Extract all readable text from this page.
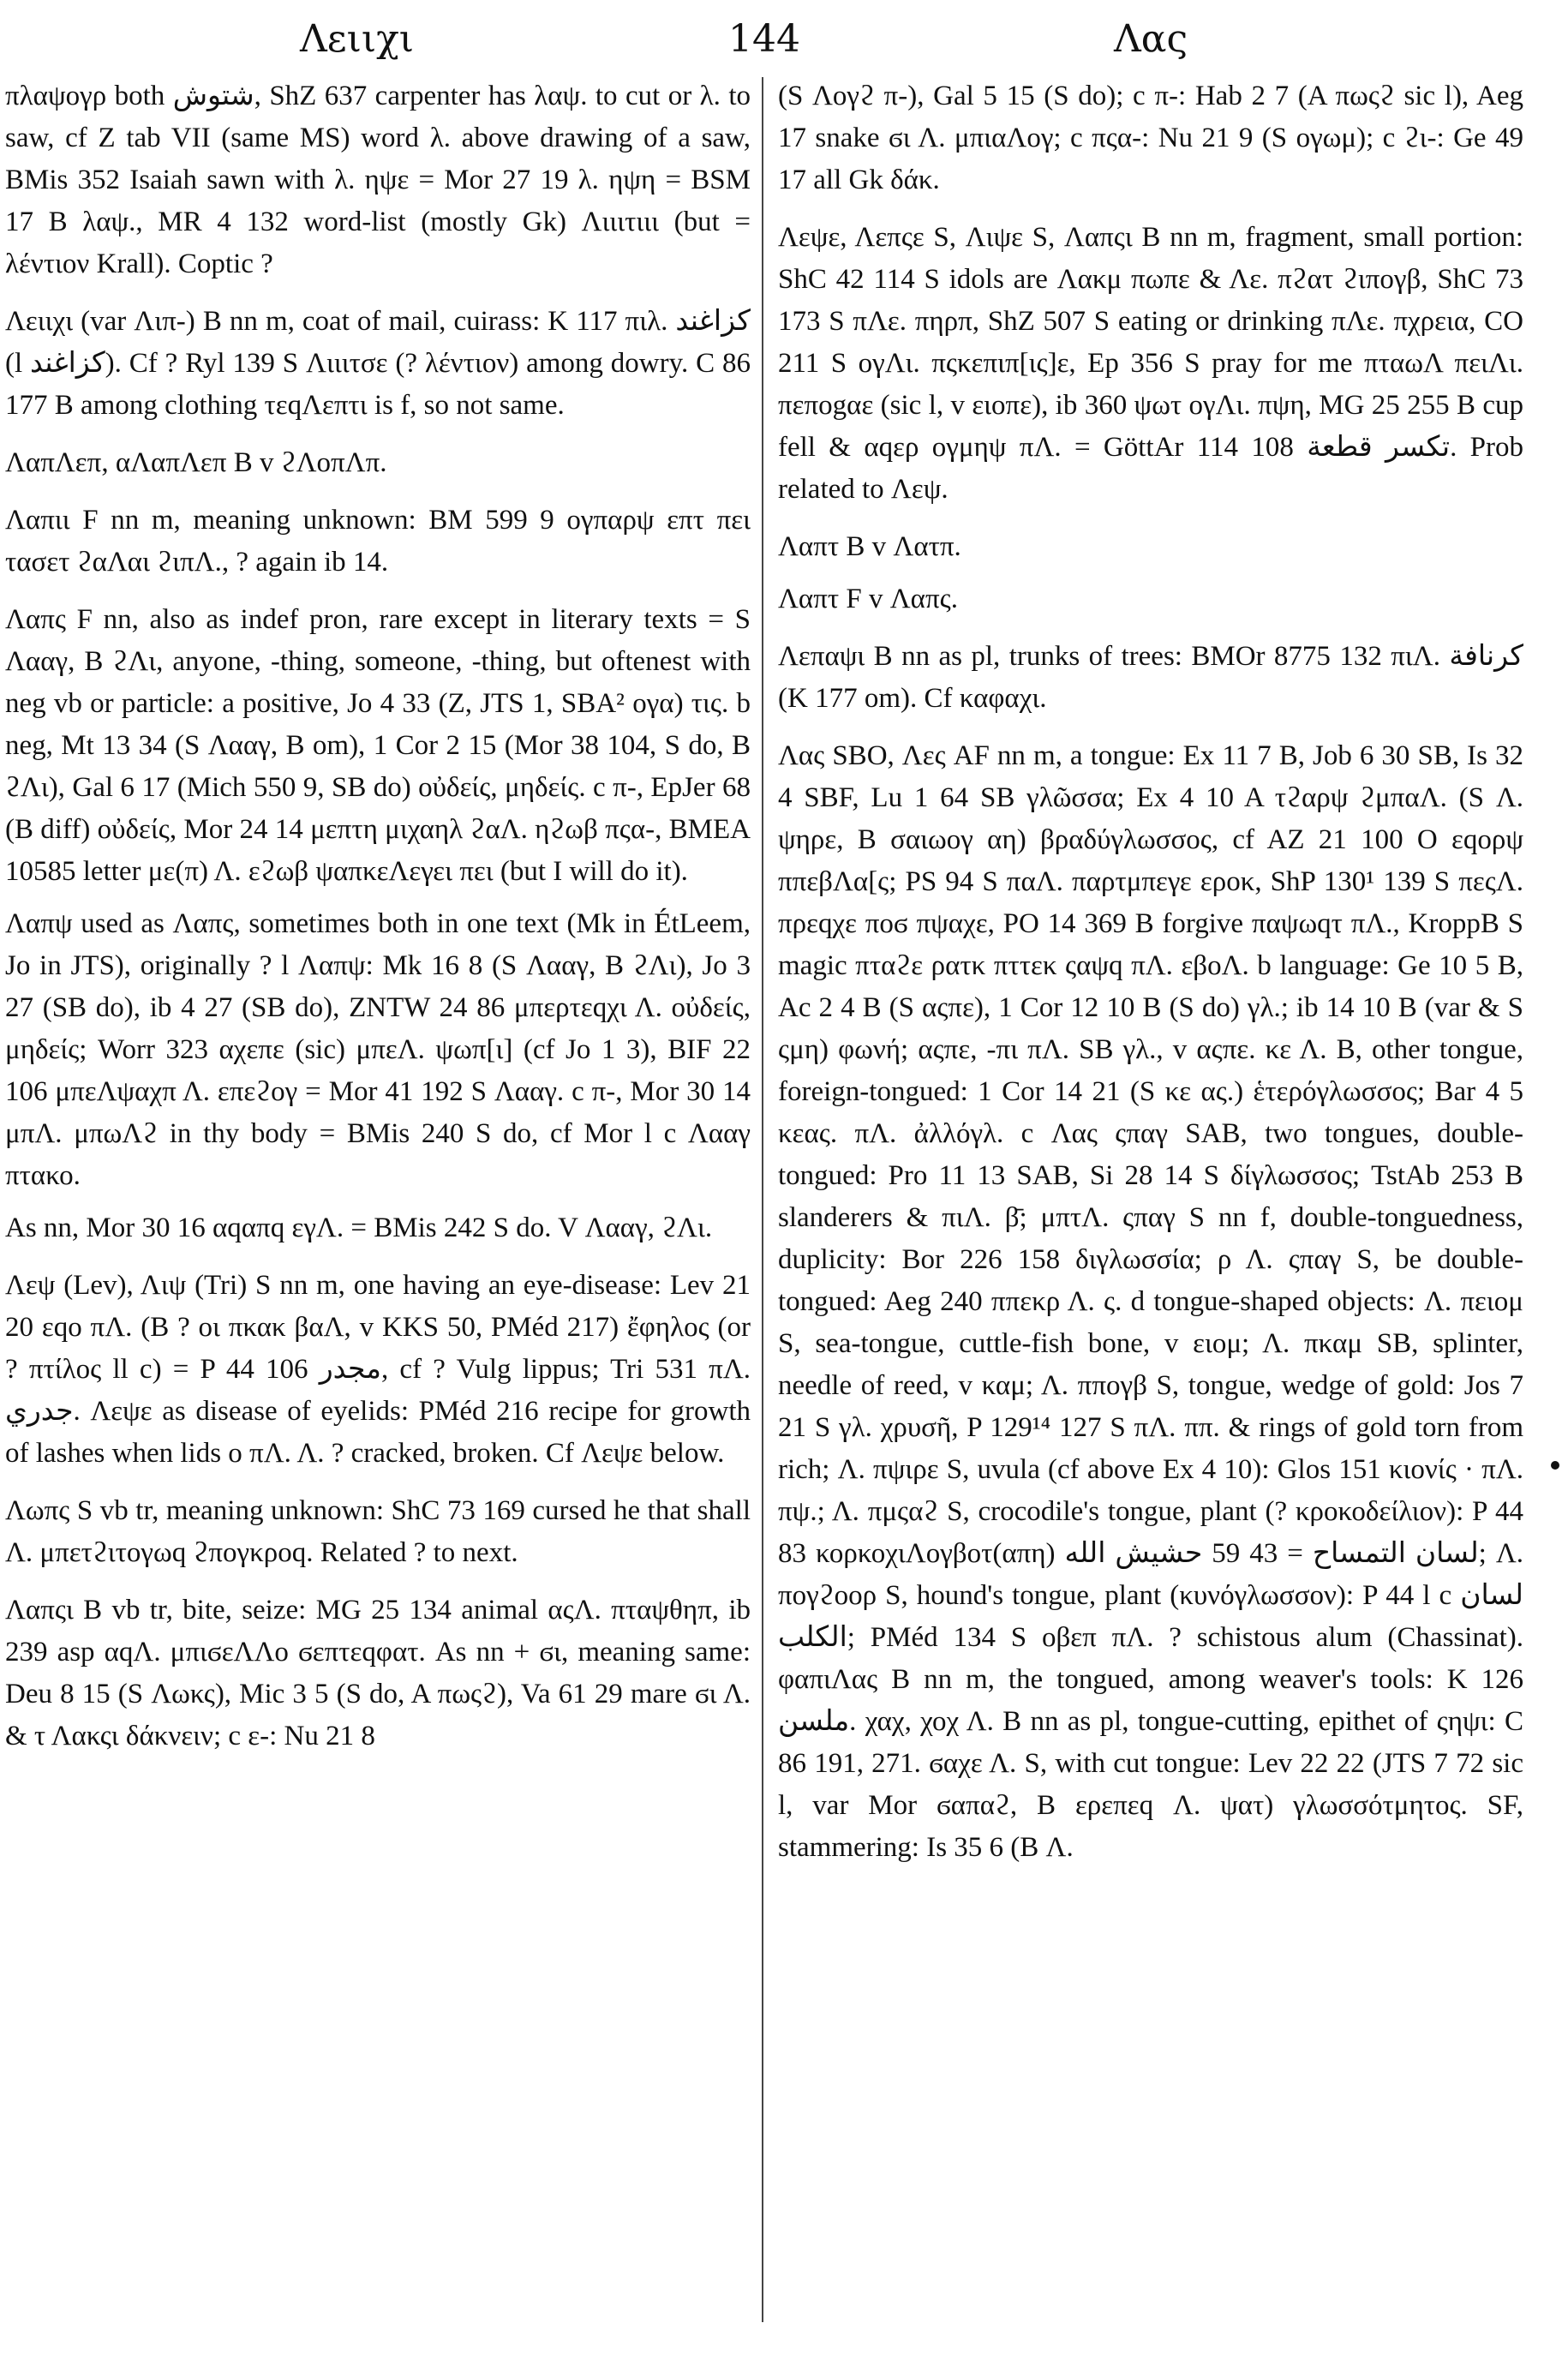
Λειιχι	144	Λας

πλαψογρ both شتوش, ShZ 637 carpenter has λαψ. to cut or λ. to saw, cf Z tab VII (same MS) word λ. above drawing of a saw, BMis 352 Isaiah sawn with λ. ηψε = Mor 27 19 λ. ηψη = BSM 17 B λαψ., MR 4 132 word-list (mostly Gk) Λιιιτιιι (but = λέντιον Krall). Coptic ?

Λειιχι (var Λιπ-) B nn m, coat of mail, cuirass: K 117 πιλ. كزاغند (l كزاغند). Cf ? Ryl 139 S Λιιιτσε (? λέντιον) among dowry. C 86 177 B among clothing τεqΛεπτι is f, so not same.

ΛαπΛεπ, αΛαπΛεπ B v ϩΛοπΛπ.

Λαπιι F nn m, meaning unknown: BM 599 9 ογπαρψ επτ πει τασετ ϩαΛαι ϩιπΛ., ? again ib 14.

Λαπς F nn, also as indef pron, rare except in literary texts = S Λααγ, B ϩΛι, anyone, -thing, someone, -thing, but oftenest with neg vb or particle: a positive, Jo 4 33 (Z, JTS 1, SBA² ογα) τις. b neg, Mt 13 34 (S Λααγ, B om), 1 Cor 2 15 (Mor 38 104, S do, B ϩΛι), Gal 6 17 (Mich 550 9, SB do) οὐδείς, μηδείς. c π-, EpJer 68 (B diff) οὐδείς, Mor 24 14 μεπτη μιχαηλ ϩαΛ. ηϩωβ πςα-, BMEA 10585 letter με(π) Λ. εϩωβ ψαπκεΛεγει πει (but I will do it).

Λαπψ used as Λαπς, sometimes both in one text (Mk in ÉtLeem, Jo in JTS), originally ? l Λαπψ: Mk 16 8 (S Λααγ, B ϩΛι), Jo 3 27 (SB do), ib 4 27 (SB do), ZNTW 24 86 μπερτεqχι Λ. οὐδείς, μηδείς; Worr 323 αχεπε (sic) μπεΛ. ψωπ[ι] (cf Jo 1 3), BIF 22 106 μπεΛψαχπ Λ. επεϩογ = Mor 41 192 S Λααγ. c π-, Mor 30 14 μπΛ. μπωΛϩ in thy body = BMis 240 S do, cf Mor l c Λααγ πτακο.

As nn, Mor 30 16 αqαπq εγΛ. = BMis 242 S do. V Λααγ, ϩΛι.

Λεψ (Lev), Λιψ (Tri) S nn m, one having an eye-disease: Lev 21 20 εqο πΛ. (B ? οι πκακ βαΛ, v KKS 50, PMéd 217) ἔφηλος (or ? πτίλος ll c) = P 44 106 مجدر, cf ? Vulg lippus; Tri 531 πΛ. جدري. Λεψε as disease of eyelids: PMéd 216 recipe for growth of lashes when lids ο πΛ. Λ. ? cracked, broken. Cf Λεψε below.

Λωπς S vb tr, meaning unknown: ShC 73 169 cursed he that shall Λ. μπετϩιτογωq ϩπογκροq. Related ? to next.

Λαπςι B vb tr, bite, seize: MG 25 134 animal αςΛ. πταψθηπ, ib 239 asp αqΛ. μπιϭεΛΛο ϭεπτεqφατ. As nn + ϭι, meaning same: Deu 8 15 (S Λωκς), Mic 3 5 (S do, A πωςϩ), Va 61 29 mare ϭι Λ. & τ Λακςι δάκνειν; c ε-: Nu 21 8

(S Λογϩ π-), Gal 5 15 (S do); c π-: Hab 2 7 (A πωςϩ sic l), Aeg 17 snake ϭι Λ. μπιαΛογ; c πςα-: Nu 21 9 (S ογωμ); c ϩι-: Ge 49 17 all Gk δάκ.

Λεψε, Λεπςε S, Λιψε S, Λαπςι B nn m, fragment, small portion: ShC 42 114 S idols are Λακμ πωπε & Λε. πϩατ ϩιπογβ, ShC 73 173 S πΛε. πηρπ, ShZ 507 S eating or drinking πΛε. πχρεια, CO 211 S ογΛι. πςκεπιπ[ις]ε, Ep 356 S pray for me πταωΛ πειΛι. πεποgαε (sic l, v ειοπε), ib 360 ψωτ ογΛι. πψη, MG 25 255 B cup fell & αqερ ογμηψ πΛ. = GöttAr 114 108 تكسر قطعة. Prob related to Λεψ.

Λαπτ B v Λατπ.

Λαπτ F v Λαπς.

Λεπαψι B nn as pl, trunks of trees: BMOr 8775 132 πιΛ. كرنافة (K 177 om). Cf καφαχι.

Λας SBO, Λες AF nn m, a tongue: Ex 11 7 B, Job 6 30 SB, Is 32 4 SBF, Lu 1 64 SB γλῶσσα; Ex 4 10 A τϩαρψ ϩμπαΛ. (S Λ. ψηρε, B σαιωογ αη) βραδύγλωσσος, cf AZ 21 100 O εqορψ ππεβΛα[ς; PS 94 S παΛ. παρτμπεγε ερoκ, ShP 130¹ 139 S πεςΛ. πρεqχε ποϭ πψαχε, PO 14 369 B forgive παψωqτ πΛ., KroppB S magic πταϩε ρατκ πττεκ ςαψq πΛ. εβοΛ. b language: Ge 10 5 B, Ac 2 4 B (S αςπε), 1 Cor 12 10 B (S do) γλ.; ib 14 10 B (var & S ςμη) φωνή; αςπε, -πι πΛ. SB γλ., v αςπε. κε Λ. B, other tongue, foreign-tongued: 1 Cor 14 21 (S κε ας.) ἑτερόγλωσσος; Bar 4 5 κεας. πΛ. ἀλλόγλ. c Λας ςπαγ SAB, two tongues, double-tongued: Pro 11 13 SAB, Si 28 14 S δίγλωσσος; TstAb 253 B slanderers & πιΛ. β̄; μπτΛ. ςπαγ S nn f, double-tonguedness, duplicity: Bor 226 158 διγλωσσία; ρ Λ. ςπαγ S, be double-tongued: Aeg 240 ππεκρ Λ. ς. d tongue-shaped objects: Λ. πειομ S, sea-tongue, cuttle-fish bone, v ειομ; Λ. πκαμ SB, splinter, needle of reed, v καμ; Λ. ππογβ S, tongue, wedge of gold: Jos 7 21 S γλ. χρυσῆ, P 129¹⁴ 127 S πΛ. ππ. & rings of gold torn from rich; Λ. πψιρε S, uvula (cf above Ex 4 10): Glos 151 κιονίς · πΛ. πψ.; Λ. πμςαϩ S, crocodile's tongue, plant (? κροκοδείλιον): P 44 83 κορκοχιΛογβοτ(απη) لسان التمساح = 43 59 حشيش الله; Λ. πογϩοορ S, hound's tongue, plant (κυνόγλωσσον): P 44 l c لسان الكلب; PMéd 134 S οβεπ πΛ. ? schistous alum (Chassinat). φαπιΛας B nn m, the tongued, among weaver's tools: K 126 ملسن. χαχ, χοχ Λ. B nn as pl, tongue-cutting, epithet of ςηψι: C 86 191, 271. ϭαχε Λ. S, with cut tongue: Lev 22 22 (JTS 7 72 sic l, var Mor ϭαπαϩ, B ερεπεq Λ. ψατ) γλωσσότμητος. SF, stammering: Is 35 6 (B Λ.
